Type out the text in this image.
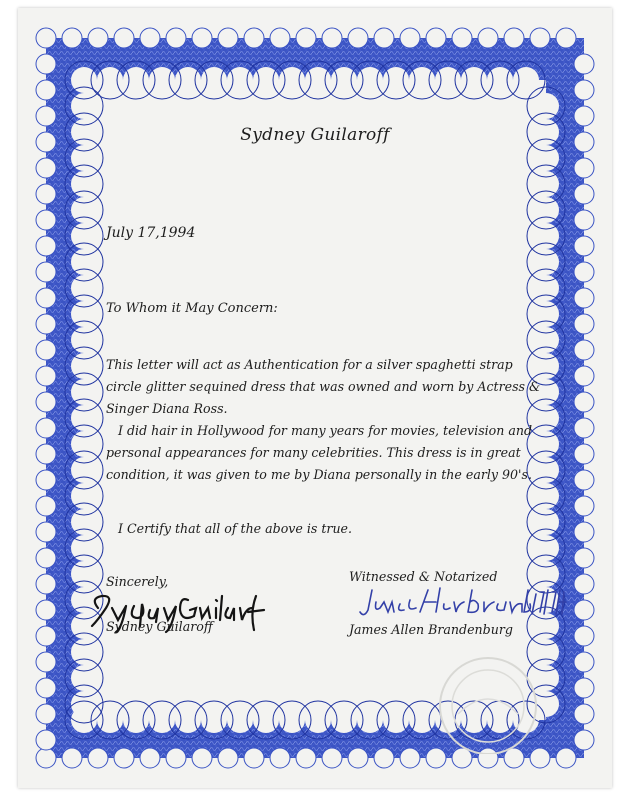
Sydney Guilaroff
July 17,1994
To Whom it May Concern:
This letter will act as Authentication for a silver spaghetti strap
circle glitter sequined dress that was owned and worn by Actress &
Singer Diana Ross.
I did hair in Hollywood for many years for movies, television and
personal appearances for many celebrities. This dress is in great
condition, it was given to me by Diana personally in the early 90's.
I Certify that all of the above is true.
Sincerely,
Sydney Guilaroff
Witnessed & Notarized
James Allen Brandenburg
